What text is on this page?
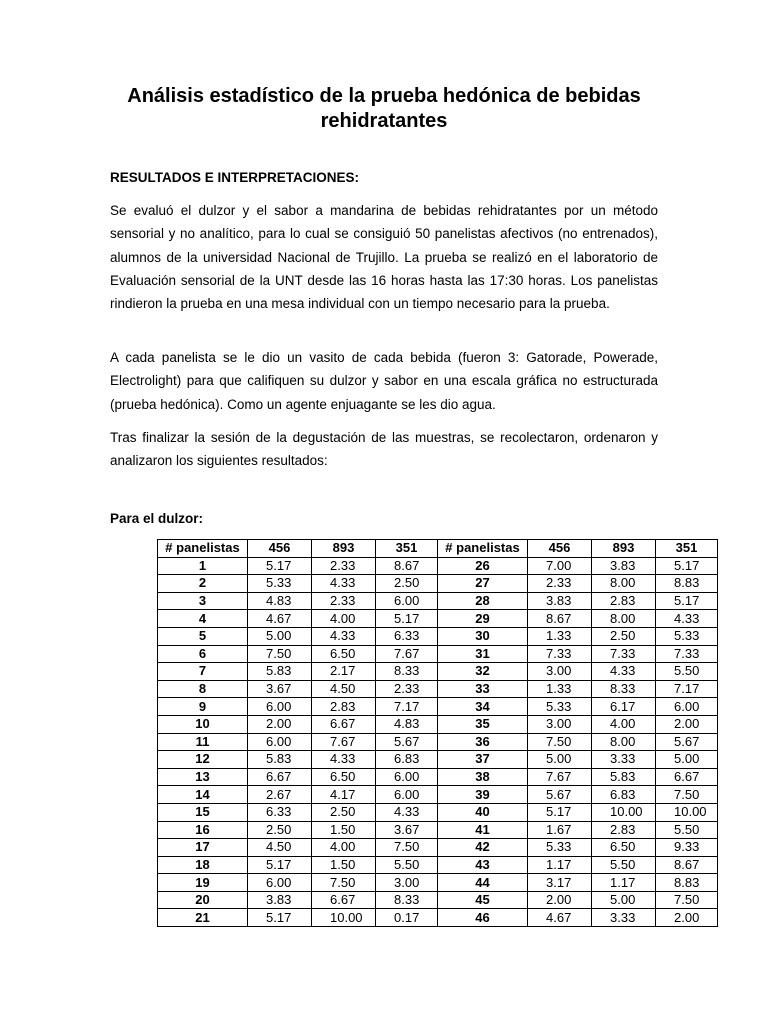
Análisis estadístico de la prueba hedónica de bebidas rehidratantes
RESULTADOS E INTERPRETACIONES:

Se evaluó el dulzor y el sabor a mandarina de bebidas rehidratantes por un método sensorial y no analítico, para lo cual se consiguió 50 panelistas afectivos (no entrenados), alumnos de la universidad Nacional de Trujillo. La prueba se realizó en el laboratorio de Evaluación sensorial de la UNT desde las 16 horas hasta las 17:30 horas. Los panelistas rindieron la prueba en una mesa individual con un tiempo necesario para la prueba.

A cada panelista se le dio un vasito de cada bebida (fueron 3: Gatorade, Powerade, Electrolight) para que califiquen su dulzor y sabor en una escala gráfica no estructurada (prueba hedónica). Como un agente enjuagante se les dio agua.

Tras finalizar la sesión de la degustación de las muestras, se recolectaron, ordenaron y analizaron los siguientes resultados:

Para el dulzor:
# panelistas	456	893	351	# panelistas	456	893	351
1	5.17	2.33	8.67	26	7.00	3.83	5.17
2	5.33	4.33	2.50	27	2.33	8.00	8.83
3	4.83	2.33	6.00	28	3.83	2.83	5.17
4	4.67	4.00	5.17	29	8.67	8.00	4.33
5	5.00	4.33	6.33	30	1.33	2.50	5.33
6	7.50	6.50	7.67	31	7.33	7.33	7.33
7	5.83	2.17	8.33	32	3.00	4.33	5.50
8	3.67	4.50	2.33	33	1.33	8.33	7.17
9	6.00	2.83	7.17	34	5.33	6.17	6.00
10	2.00	6.67	4.83	35	3.00	4.00	2.00
11	6.00	7.67	5.67	36	7.50	8.00	5.67
12	5.83	4.33	6.83	37	5.00	3.33	5.00
13	6.67	6.50	6.00	38	7.67	5.83	6.67
14	2.67	4.17	6.00	39	5.67	6.83	7.50
15	6.33	2.50	4.33	40	5.17	10.00	10.00
16	2.50	1.50	3.67	41	1.67	2.83	5.50
17	4.50	4.00	7.50	42	5.33	6.50	9.33
18	5.17	1.50	5.50	43	1.17	5.50	8.67
19	6.00	7.50	3.00	44	3.17	1.17	8.83
20	3.83	6.67	8.33	45	2.00	5.00	7.50
21	5.17	10.00	0.17	46	4.67	3.33	2.00
